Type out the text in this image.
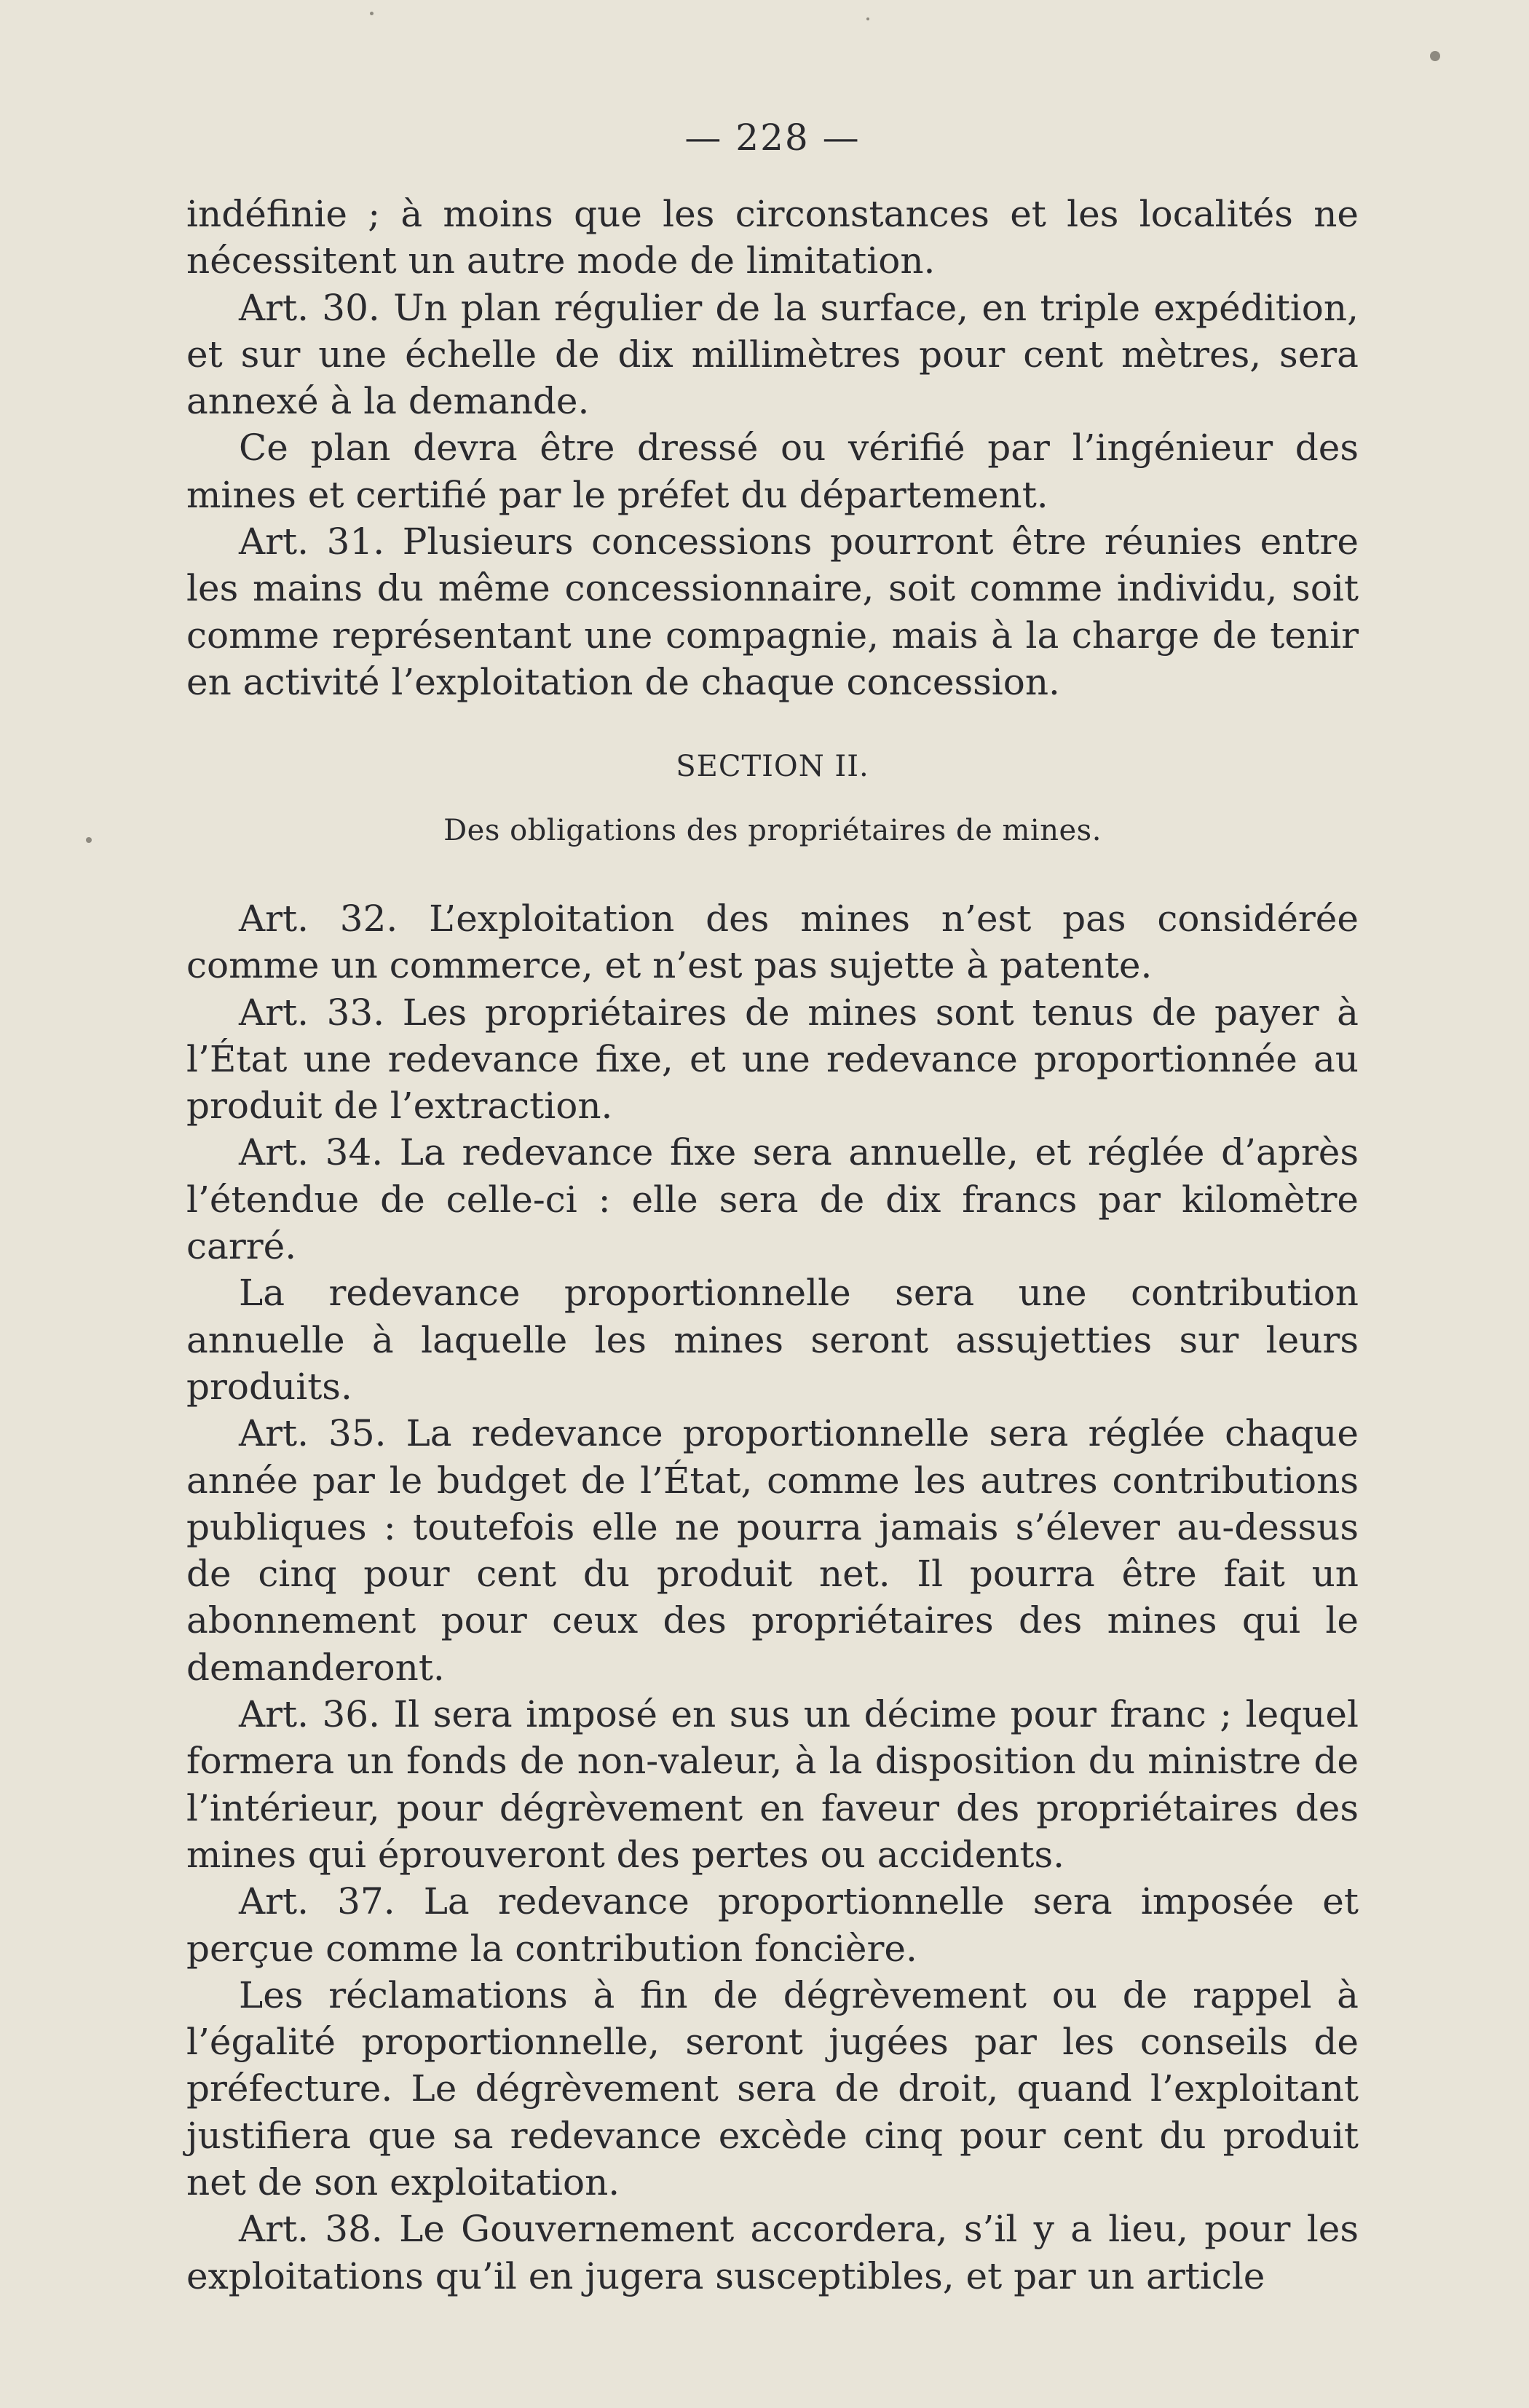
— 228 —

indéfinie ; à moins que les circonstances et les localités ne nécessitent un autre mode de limitation.

Art. 30. Un plan régulier de la surface, en triple expédition, et sur une échelle de dix millimètres pour cent mètres, sera annexé à la demande.

Ce plan devra être dressé ou vérifié par l’ingénieur des mines et certifié par le préfet du département.

Art. 31. Plusieurs concessions pourront être réunies entre les mains du même concessionnaire, soit comme individu, soit comme représentant une compagnie, mais à la charge de tenir en activité l’exploitation de chaque concession.

SECTION II.
Des obligations des propriétaires de mines.

Art. 32. L’exploitation des mines n’est pas considérée comme un commerce, et n’est pas sujette à patente.

Art. 33. Les propriétaires de mines sont tenus de payer à l’État une redevance fixe, et une redevance proportionnée au produit de l’extraction.

Art. 34. La redevance fixe sera annuelle, et réglée d’après l’étendue de celle-ci : elle sera de dix francs par kilomètre carré.

La redevance proportionnelle sera une contribution annuelle à laquelle les mines seront assujetties sur leurs produits.

Art. 35. La redevance proportionnelle sera réglée chaque année par le budget de l’État, comme les autres contributions publiques : toutefois elle ne pourra jamais s’élever au-dessus de cinq pour cent du produit net. Il pourra être fait un abonnement pour ceux des propriétaires des mines qui le demanderont.

Art. 36. Il sera imposé en sus un décime pour franc ; lequel formera un fonds de non-valeur, à la disposition du ministre de l’intérieur, pour dégrèvement en faveur des propriétaires des mines qui éprouveront des pertes ou accidents.

Art. 37. La redevance proportionnelle sera imposée et perçue comme la contribution foncière.

Les réclamations à fin de dégrèvement ou de rappel à l’égalité proportionnelle, seront jugées par les conseils de préfecture. Le dégrèvement sera de droit, quand l’exploitant justifiera que sa redevance excède cinq pour cent du produit net de son exploitation.

Art. 38. Le Gouvernement accordera, s’il y a lieu, pour les exploitations qu’il en jugera susceptibles, et par un article
